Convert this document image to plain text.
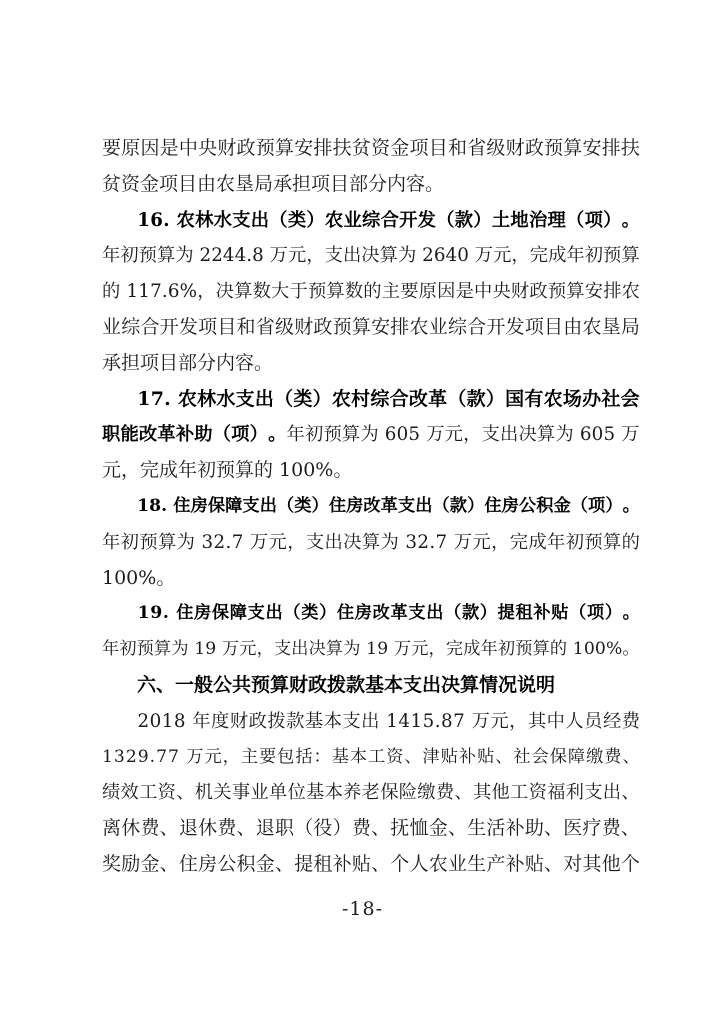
要 原 因 是 中 央 财 政 预 算 安 排 扶 贫 资 金 项 目 和 省 级 财 政 预 算 安 排 扶
贫资金项目由农垦局承担项目部分内容。
1 6 .
农 林 水 支 出 （ 类 ） 农 业 综 合 开 发 （ 款 ） 土 地 治 理 （ 项 ） 。
年 初 预 算 为
2 2 4 4 . 8
万 元 ， 支 出 决 算 为
2 6 4 0
万 元 ， 完 成 年 初 预 算
的
1 1 7 . 6 % ， 决 算 数 大 于 预 算 数 的 主 要 原 因 是 中 央 财 政 预 算 安 排 农
业 综 合 开 发 项 目 和 省 级 财 政 预 算 安 排 农 业 综 合 开 发 项 目 由 农 垦 局
承担项目部分内容。
1 7 .
农 林 水 支 出 （ 类 ） 农 村 综 合 改 革 （ 款 ） 国 有 农 场 办 社 会
职 能 改 革 补 助 （ 项 ） 。 年 初 预 算 为
6 0 5
万 元 ， 支 出 决 算 为
6 0 5
万
元，完成年初预算的 100%。
1 8 .
住 房 保 障 支 出 （ 类 ） 住 房 改 革 支 出 （ 款 ） 住 房 公 积 金 （ 项 ） 。
年 初 预 算 为
3 2 . 7
万 元 ， 支 出 决 算 为
3 2 . 7
万 元 ， 完 成 年 初 预 算 的
100%。
1 9 .
住 房 保 障 支 出 （ 类 ） 住 房 改 革 支 出 （ 款 ） 提 租 补 贴 （ 项 ） 。
年 初 预 算 为
1 9
万 元 ， 支 出 决 算 为
1 9
万 元 ， 完 成 年 初 预 算 的
1 0 0 % 。
六、一般公共预算财政拨款基本支出决算情况说明
2 0 1 8
年 度 财 政 拨 款 基 本 支 出
1 4 1 5 . 8 7
万 元 ， 其 中 人 员 经 费
1 3 2 9 . 7 7
万 元 ， 主 要 包 括 ： 基 本 工 资 、 津 贴 补 贴 、 社 会 保 障 缴 费 、
绩 效 工 资 、 机 关 事 业 单 位 基 本 养 老 保 险 缴 费 、 其 他 工 资 福 利 支 出 、
离 休 费 、 退 休 费 、 退 职 （ 役 ） 费 、 抚 恤 金 、 生 活 补 助 、 医 疗 费 、
奖 励 金 、 住 房 公 积 金 、 提 租 补 贴 、 个 人 农 业 生 产 补 贴 、 对 其 他 个
-18-
